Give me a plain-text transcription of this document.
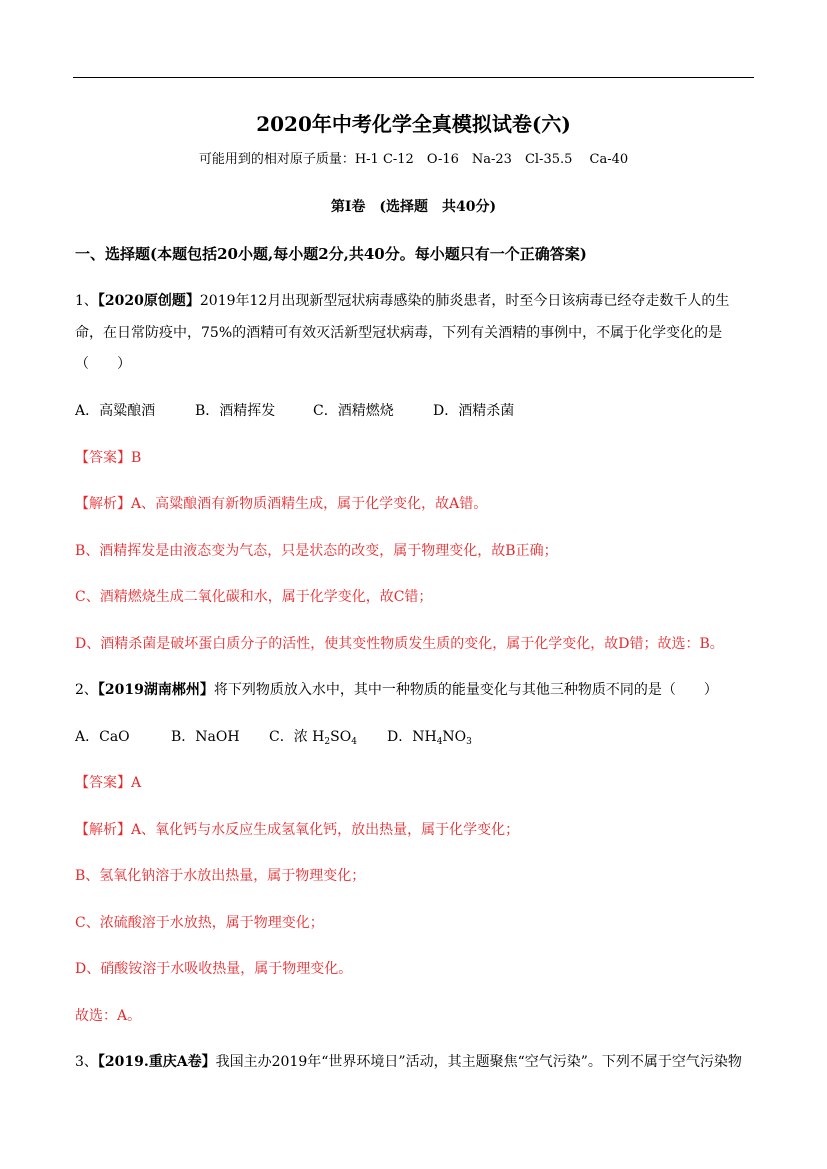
2020年中考化学全真模拟试卷(六)
可能用到的相对原子质量：H-1 C-12　O-16　Na-23　Cl-35.5　 Ca-40
第Ⅰ卷　(选择题　共40分)
一、选择题(本题包括20小题,每小题2分,共40分。每小题只有一个正确答案)
1、【2020原创题】2019年12月出现新型冠状病毒感染的肺炎患者，时至今日该病毒已经夺走数千人的生
命，在日常防疫中，75%的酒精可有效灭活新型冠状病毒，下列有关酒精的事例中，不属于化学变化的是
（　　）
A．高粱酿酒	B．酒精挥发	C．酒精燃烧	D．酒精杀菌
【答案】B
【解析】A、高粱酿酒有新物质酒精生成，属于化学变化，故A错。
B、酒精挥发是由液态变为气态，只是状态的改变，属于物理变化，故B正确；
C、酒精燃烧生成二氧化碳和水，属于化学变化，故C错；
D、酒精杀菌是破坏蛋白质分子的活性，使其变性物质发生质的变化，属于化学变化，故D错；故选：B。
2、【2019湖南郴州】将下列物质放入水中，其中一种物质的能量变化与其他三种物质不同的是（　　）
A．CaO	B．NaOH C．浓 $H_2SO_4$ D．$NH_4NO_3$
【答案】A
【解析】A、氧化钙与水反应生成氢氧化钙，放出热量，属于化学变化；
B、氢氧化钠溶于水放出热量，属于物理变化；
C、浓硫酸溶于水放热，属于物理变化；
D、硝酸铵溶于水吸收热量，属于物理变化。
故选：A。
3、【2019.重庆A卷】我国主办2019年“世界环境日”活动，其主题聚焦“空气污染”。下列不属于空气污染物
